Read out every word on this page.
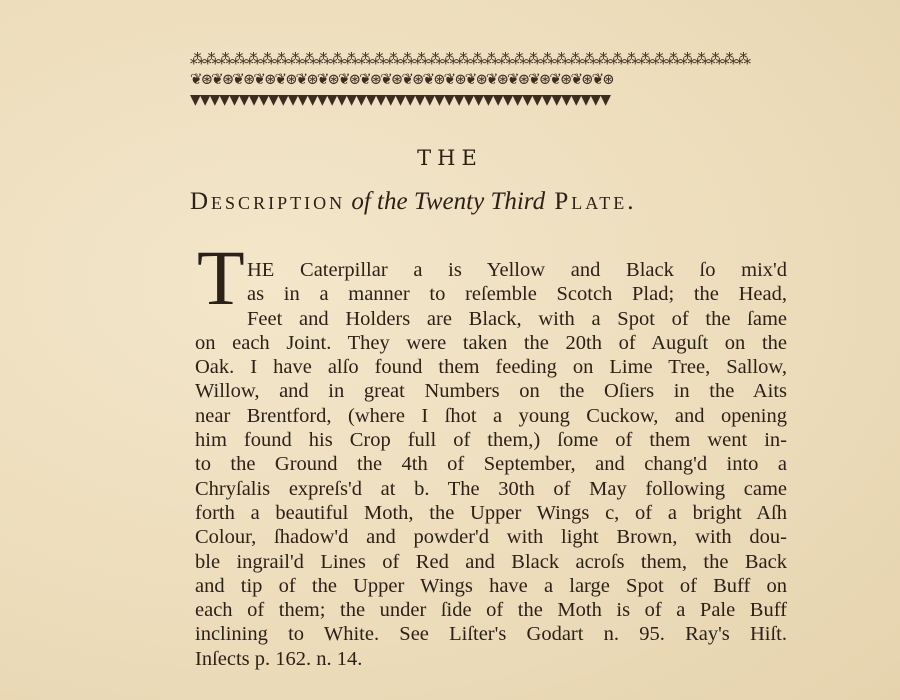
⁂⁂⁂⁂⁂⁂⁂⁂⁂⁂⁂⁂⁂⁂⁂⁂⁂⁂⁂⁂⁂⁂⁂⁂⁂⁂⁂⁂⁂⁂⁂⁂⁂⁂⁂⁂⁂⁂⁂⁂
❦⊛❦⊛❦⊛❦⊛❦⊛❦⊛❦⊛❦⊛❦⊛❦⊛❦⊛❦⊛❦⊛❦⊛❦⊛❦⊛❦⊛❦⊛❦⊛❦⊛
▼▼▼▼▼▼▼▼▼▼▼▼▼▼▼▼▼▼▼▼▼▼▼▼▼▼▼▼▼▼▼▼▼▼▼▼▼▼▼▼▼▼▼
THE
Description of the Twenty Third Plate.
T HE Caterpillar a is Yellow and Black ſo mix'd
as in a manner to reſemble Scotch Plad; the Head,
Feet and Holders are Black, with a Spot of the ſame
on each Joint. They were taken the 20th of Auguſt on the
Oak. I have alſo found them feeding on Lime Tree, Sallow,
Willow, and in great Numbers on the Oſiers in the Aits
near Brentford, (where I ſhot a young Cuckow, and opening
him found his Crop full of them,) ſome of them went in-
to the Ground the 4th of September, and chang'd into a
Chryſalis expreſs'd at b. The 30th of May following came
forth a beautiful Moth, the Upper Wings c, of a bright Aſh
Colour, ſhadow'd and powder'd with light Brown, with dou-
ble ingrail'd Lines of Red and Black acroſs them, the Back
and tip of the Upper Wings have a large Spot of Buff on
each of them; the under ſide of the Moth is of a Pale Buff
inclining to White. See Liſter's Godart n. 95. Ray's Hiſt.
Inſects p. 162. n. 14.
